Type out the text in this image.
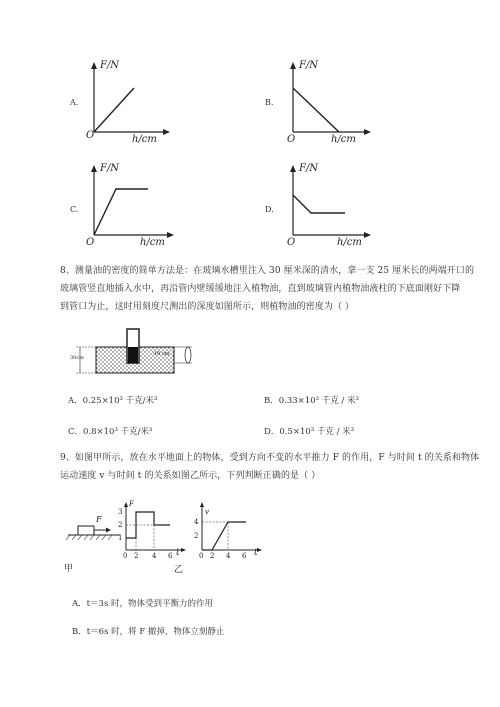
A.
F/N
O	h/cm
B.
F/N
O	h/cm
C.
F/N
O	h/cm
D.
F/N
O	h/cm
8、测量油的密度的简单方法是：在玻璃水槽里注入 30 厘米深的清水，拿一支 25 厘米长的两端开口的
玻璃管竖直地插入水中，再沿管内壁缓缓地注入植物油，直到玻璃管内植物油液柱的下底面刚好下降
到管口为止，这时用刻度尺测出的深度如图所示，则植物油的密度为（ ）
30cm
10 cm
A．0.25×10³ 千克/米³	B．0.33×10³ 千克 / 米³
C．0.8×10³ 千克/米³	D．0.5×10³ 千克 / 米³
9、如图甲所示，放在水平地面上的物体，受到方向不变的水平推力 F 的作用，F 与时间 t 的关系和物体
运动速度 v 与时间 t 的关系如图乙所示，下列判断正确的是（ ）
F
甲
F
1
2
3
0 2 4 6 t
乙
v
2
4
0 2 4 6 t
A．t＝3s 时，物体受到平衡力的作用
B．t＝6s 时，将 F 撤掉，物体立刻静止
